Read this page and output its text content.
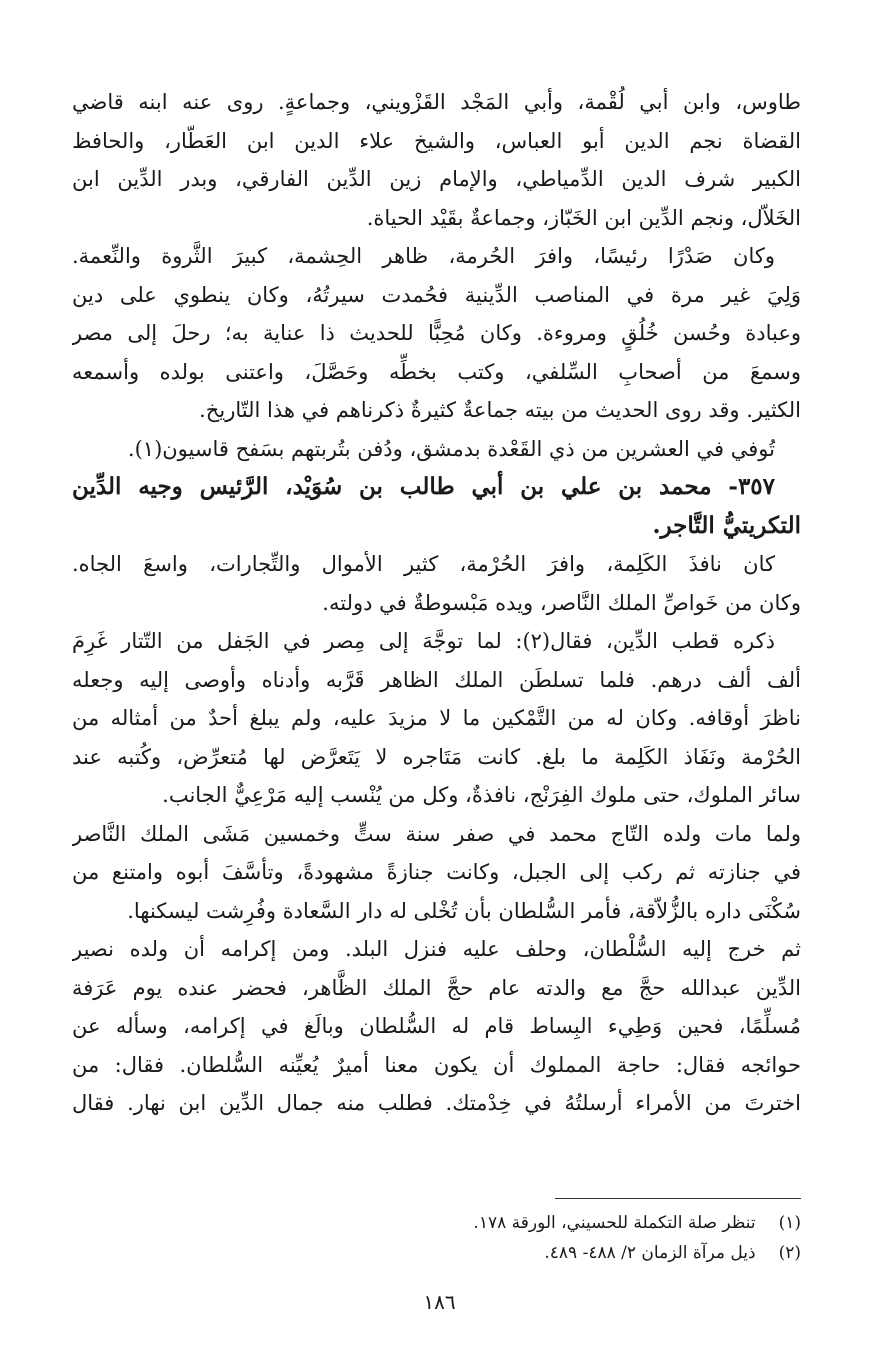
طاوس، وابن أبي لُقْمة، وأبي المَجْد القَزْويني، وجماعةٍ. روى عنه ابنه قاضي
القضاة نجم الدين أبو العباس، والشيخ علاء الدين ابن العَطّار، والحافظ
الكبير شرف الدين الدِّمياطي، والإمام زين الدِّين الفارقي، وبدر الدِّين ابن
الخَلاّل، ونجم الدِّين ابن الخَبّاز، وجماعةٌ بقَيْد الحياة.
وكان صَدْرًا رئيسًا، وافرَ الحُرمة، ظاهر الحِشمة، كبيرَ الثَّروة والنِّعمة.
وَلِيَ غير مرة في المناصب الدِّينية فحُمدت سيرتُهُ، وكان ينطوي على دين
وعبادة وحُسن خُلُقٍ ومروءة. وكان مُحِبًّا للحديث ذا عناية به؛ رحلَ إلى مصر
وسمعَ من أصحابِ السِّلفي، وكتب بخطِّه وحَصَّلَ، واعتنى بولده وأسمعه
الكثير. وقد روى الحديث من بيته جماعةٌ كثيرةٌ ذكرناهم في هذا التّاريخ.
تُوفي في العشرين من ذي القَعْدة بدمشق، ودُفن بتُربتهم بسَفح قاسيون(١).
٣٥٧- محمد بن علي بن أبي طالب بن سُوَيْد، الرَّئيس وجيه الدِّين
التكريتيُّ التَّاجر.
كان نافذَ الكَلِمة، وافرَ الحُرْمة، كثير الأموال والتِّجارات، واسعَ الجاه.
وكان من خَواصِّ الملك النَّاصر، ويده مَبْسوطةٌ في دولته.
ذكره قطب الدِّين، فقال(٢): لما توجَّهَ إلى مِصر في الجَفل من التّتار غَرِمَ
ألف ألف درهم. فلما تسلطَن الملك الظاهر قَرَّبه وأدناه وأوصى إليه وجعله
ناظرَ أوقافه. وكان له من التَّمْكين ما لا مزيدَ عليه، ولم يبلغ أحدٌ من أمثاله من
الحُرْمة ونَفَاذ الكَلِمة ما بلغ. كانت مَتَاجره لا يَتَعرَّض لها مُتعرِّض، وكُتبه عند
سائر الملوك، حتى ملوك الفِرَنْج، نافذةٌ، وكل من يُنْسب إليه مَرْعِيٌّ الجانب.
ولما مات ولده التّاج محمد في صفر سنة ستٍّ وخمسين مَشَى الملك النَّاصر
في جنازته ثم ركب إلى الجبل، وكانت جنازةً مشهودةً، وتأسَّفَ أبوه وامتنع من
سُكْنَى داره بالزُّلاّقة، فأمر السُّلطان بأن تُخْلى له دار السَّعادة وفُرِشت ليسكنها.
ثم خرج إليه السُّلْطان، وحلف عليه فنزل البلد. ومن إكرامه أن ولده نصير
الدِّين عبدالله حجَّ مع والدته عام حجَّ الملك الظَّاهر، فحضر عنده يوم عَرَفة
مُسلِّمًا، فحين وَطِيء البِساط قام له السُّلطان وبالَغ في إكرامه، وسأله عن
حوائجه فقال: حاجة المملوك أن يكون معنا أميرٌ يُعيِّنه السُّلطان. فقال: من
اخترتَ من الأمراء أرسلتُهُ في خِدْمتك. فطلب منه جمال الدِّين ابن نهار. فقال
(١) تنظر صلة التكملة للحسيني، الورقة ١٧٨.
(٢) ذيل مرآة الزمان ٢/ ٤٨٨- ٤٨٩.
١٨٦
